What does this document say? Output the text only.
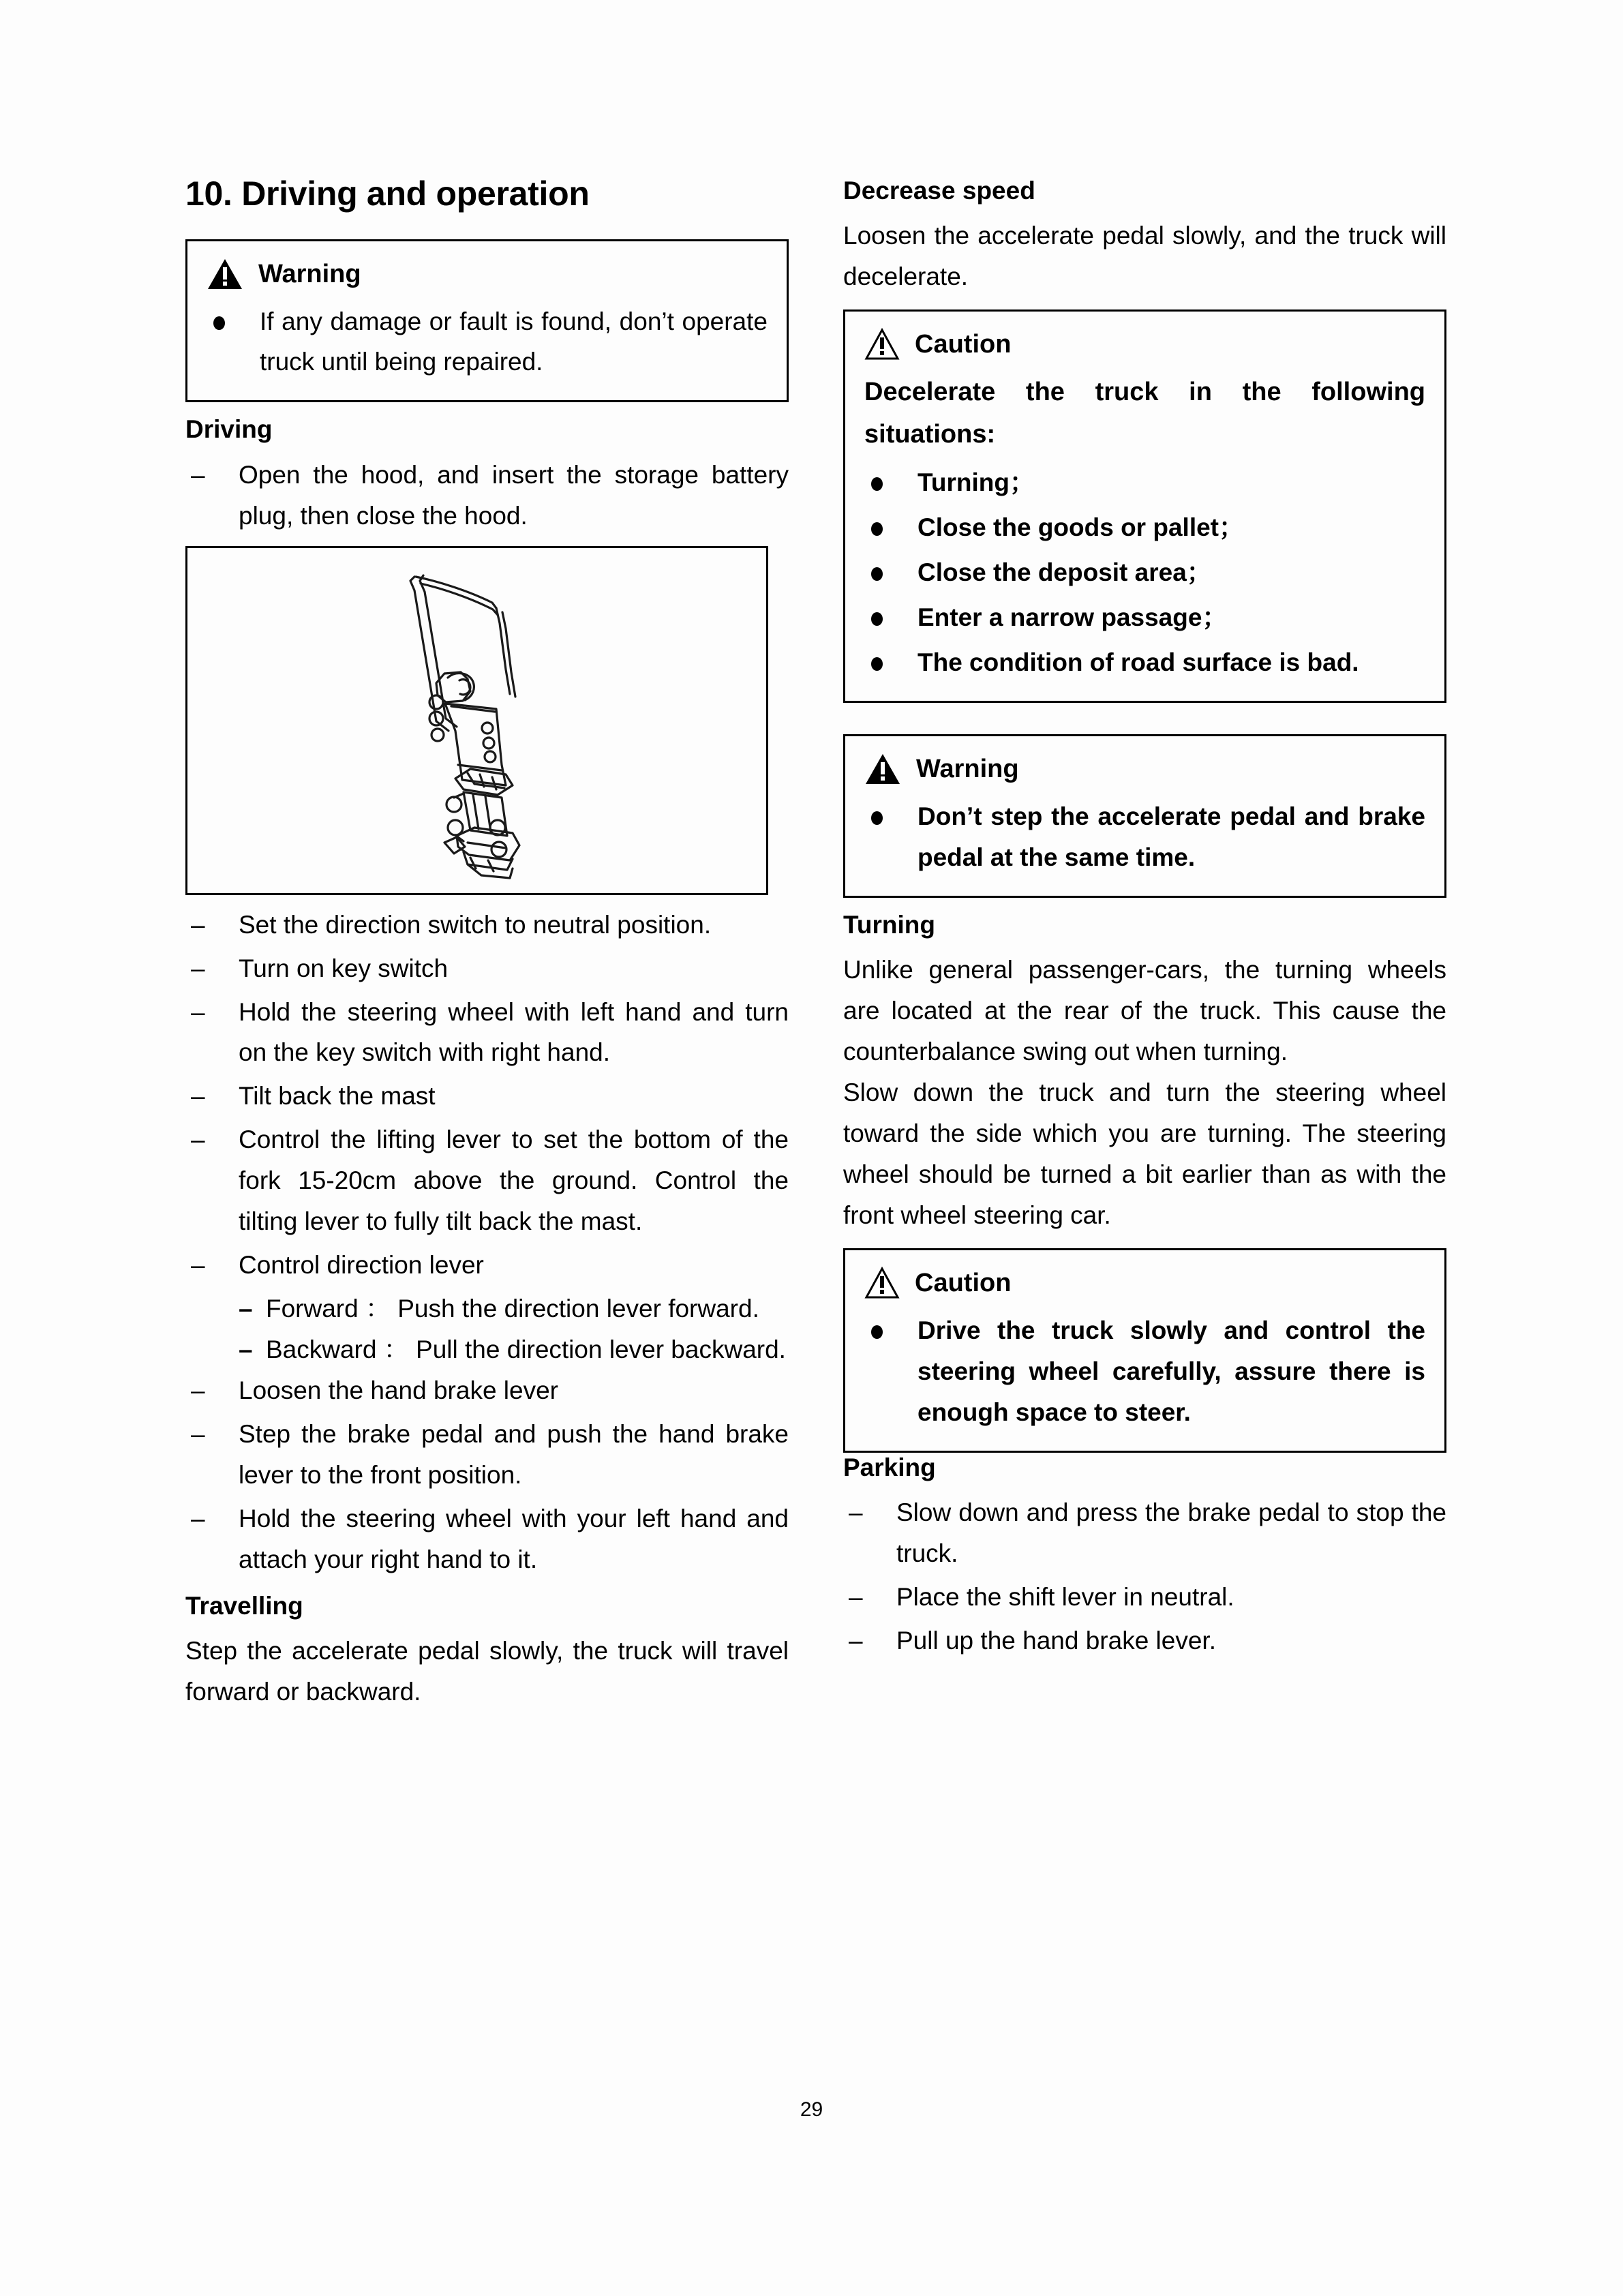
10. Driving and operation
Warning
If any damage or fault is found, don’t operate truck until being repaired.
Driving
– Open the hood, and insert the storage battery plug, then close the hood.
– Set the direction switch to neutral position.
– Turn on key switch
– Hold the steering wheel with left hand and turn on the key switch with right hand.
– Tilt back the mast
– Control the lifting lever to set the bottom of the fork 15-20cm above the ground. Control the tilting lever to fully tilt back the mast.
– Control direction lever
– Forward ： Push the direction lever forward.
– Backward ： Pull the direction lever backward.
– Loosen the hand brake lever
– Step the brake pedal and push the hand brake lever to the front position.
– Hold the steering wheel with your left hand and attach your right hand to it.
Travelling

Step the accelerate pedal slowly, the truck will travel forward or backward.

Decrease speed

Loosen the accelerate pedal slowly, and the truck will decelerate.

Caution

Decelerate the truck in the following situations:

Turning；
Close the goods or pallet；
Close the deposit area；
Enter a narrow passage；
The condition of road surface is bad.
Warning
Don’t step the accelerate pedal and brake pedal at the same time.
Turning

Unlike general passenger-cars, the turning wheels are located at the rear of the truck. This cause the counterbalance swing out when turning.

Slow down the truck and turn the steering wheel toward the side which you are turning. The steering wheel should be turned a bit earlier than as with the front wheel steering car.

Caution
Drive the truck slowly and control the steering wheel carefully, assure there is enough space to steer.
Parking
– Slow down and press the brake pedal to stop the truck.
– Place the shift lever in neutral.
– Pull up the hand brake lever.
29
